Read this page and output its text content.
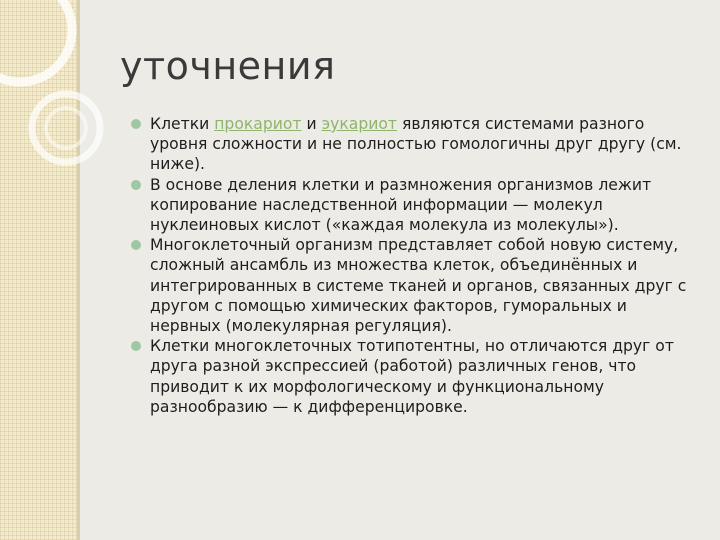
уточнения
Клетки прокариот и эукариот являются системами разного уровня сложности и не полностью гомологичны друг другу (см. ниже).
В основе деления клетки и размножения организмов лежит копирование наследственной информации — молекул нуклеиновых кислот («каждая молекула из молекулы»).
Многоклеточный организм представляет собой новую систему, сложный ансамбль из множества клеток, объединённых и интегрированных в системе тканей и органов, связанных друг с другом с помощью химических факторов, гуморальных и нервных (молекулярная регуляция).
Клетки многоклеточных тотипотентны, но отличаются друг от друга разной экспрессией (работой) различных генов, что приводит к их морфологическому и функциональному разнообразию — к дифференцировке.
